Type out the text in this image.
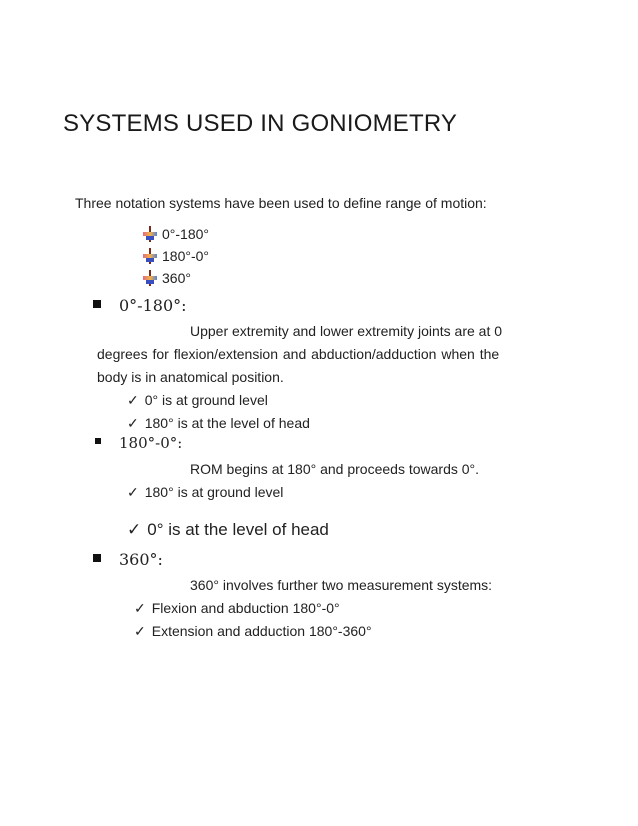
SYSTEMS USED IN GONIOMETRY
Three notation systems have been used to define range of motion:
0°-180°
180°-0°
360°
0°-180°:
Upper extremity and lower extremity joints are at 0
degrees for flexion/extension and abduction/adduction when the
body is in anatomical position.
✓ 0° is at ground level
✓ 180° is at the level of head
180°-0°:
ROM begins at 180° and proceeds towards 0°.
✓ 180° is at ground level
✓ 0° is at the level of head
360°:
360° involves further two measurement systems:
✓ Flexion and abduction 180°-0°
✓ Extension and adduction 180°-360°
